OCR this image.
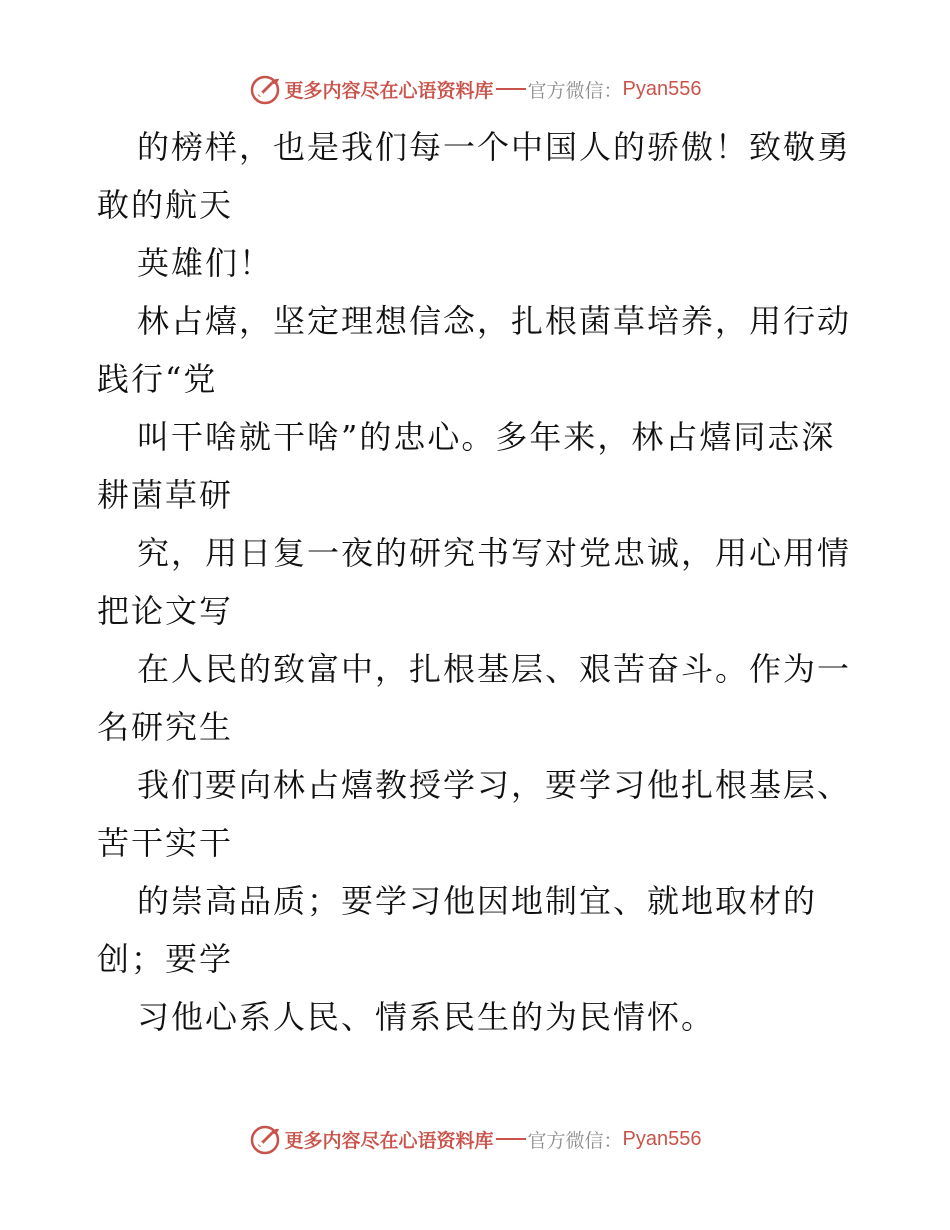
更多内容尽在心语资料库 官方微信： Pyan556
的榜样，也是我们每一个中国人的骄傲！致敬勇
敢的航天
英雄们！
林占熺，坚定理想信念，扎根菌草培养，用行动
践行“党
叫干啥就干啥”的忠心。多年来，林占熺同志深
耕菌草研
究，用日复一夜的研究书写对党忠诚，用心用情
把论文写
在人民的致富中，扎根基层、艰苦奋斗。作为一
名研究生
我们要向林占熺教授学习，要学习他扎根基层、
苦干实干
的崇高品质；要学习他因地制宜、就地取材的
创；要学
习他心系人民、情系民生的为民情怀。
更多内容尽在心语资料库 官方微信： Pyan556
